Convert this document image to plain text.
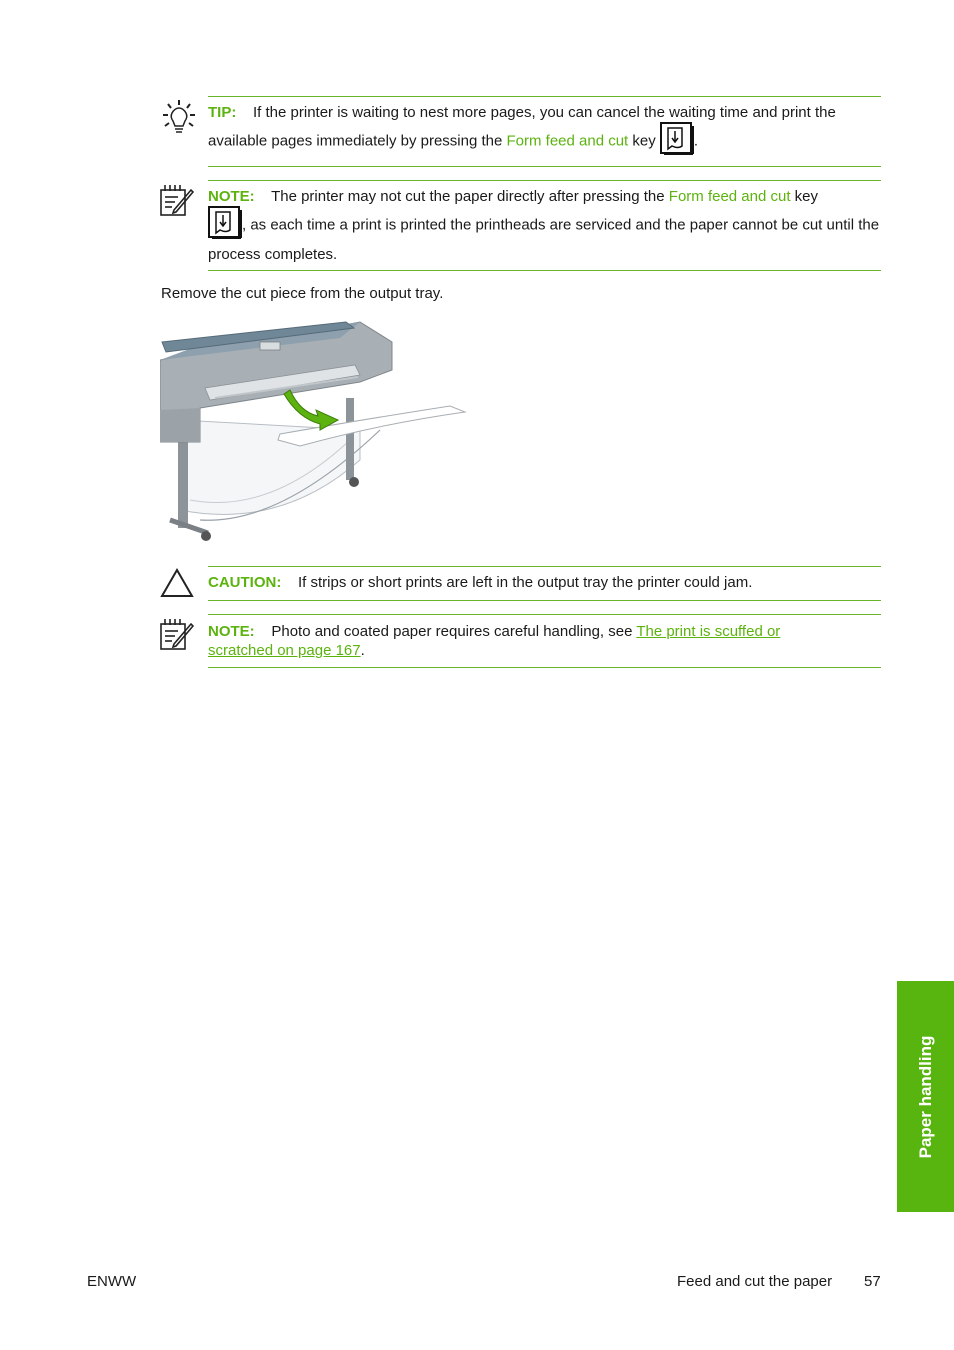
TIP: If the printer is waiting to nest more pages, you can cancel the waiting time and print the available pages immediately by pressing the Form feed and cut key .
NOTE: The printer may not cut the paper directly after pressing the Form feed and cut key
, as each time a print is printed the printheads are serviced and the paper cannot be cut until the process completes.
Remove the cut piece from the output tray.
CAUTION: If strips or short prints are left in the output tray the printer could jam.
NOTE: Photo and coated paper requires careful handling, see The print is scuffed or scratched on page 167.
Paper handling
ENWW	Feed and cut the paper 57
